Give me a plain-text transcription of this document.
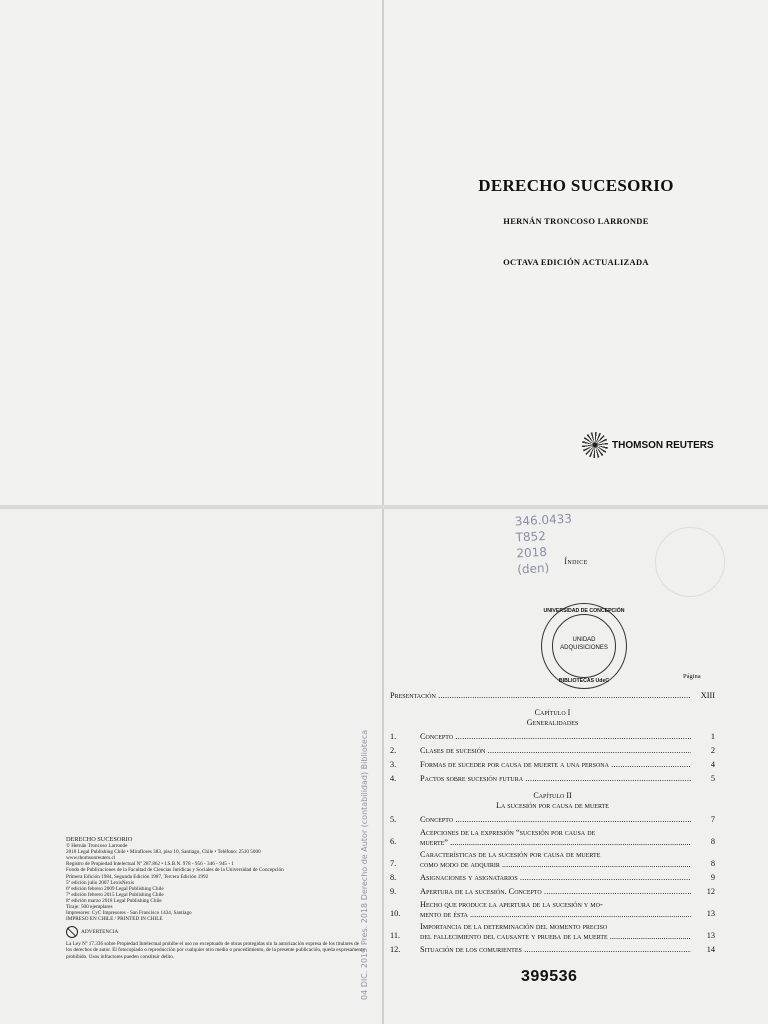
DERECHO SUCESORIO
HERNÁN TRONCOSO LARRONDE
OCTAVA EDICIÓN ACTUALIZADA
THOMSON REUTERS
DERECHO SUCESORIO
© Hernán Troncoso Larronde
2018 Legal Publishing Chile • Miraflores 383, piso 10, Santiago, Chile • Teléfono: 2510 5000
www.thomsonreuters.cl
Registro de Propiedad Intelectual Nº 287.862 • I.S.B.N. 978 - 956 - 346 - 945 - 1
Fondo de Publicaciones de la Facultad de Ciencias Jurídicas y Sociales de la Universidad de Concepción
Primera Edición 1984, Segunda Edición 1987, Tercera Edición 1992
5ª edición julio 2007 LexisNexis
6ª edición febrero 2009 Legal Publishing Chile
7ª edición febrero 2015 Legal Publishing Chile
8ª edición marzo 2018 Legal Publishing Chile
Tiraje: 500 ejemplares
Impresores: CyC Impresores - San Francisco 1434, Santiago
IMPRESO EN CHILE / PRINTED IN CHILE
ADVERTENCIA
La Ley Nº 17.336 sobre Propiedad Intelectual prohíbe el uso no exceptuado de obras protegidas sin la autorización expresa de los titulares de los derechos de autor. El fotocopiado o reproducción por cualquier otro medio o procedimiento, de la presente publicación, queda expresamente prohibido. Usos infractores pueden constituir delito.
346.0433
T852
2018
(den)
UNIVERSIDAD DE CONCEPCIÓN
UNIDAD
ADQUISICIONES
BIBLIOTECAS UdeC
04 DIC. 2019 Pres. 2018 Derecho de Autor (contabilidad) Biblioteca
Índice
Página
Presentación .....	XIII
Capítulo I
Generalidades
1.	Concepto .....	1
2.	Clases de sucesión .....	2
3.	Formas de suceder por causa de muerte a una persona .....	4
4.	Pactos sobre sucesión futura .....	5
Capítulo II
La sucesión por causa de muerte
5.	Concepto .....	7
6.
Acepciones de la expresión “sucesión por causa de
muerte” .....	8
7.
Características de la sucesión por causa de muerte
como modo de adquirir .....	8
8.	Asignaciones y asignatarios .....	9
9.	Apertura de la sucesión. Concepto .....	12
10.
Hecho que produce la apertura de la sucesión y mo-
mento de ésta .....	13
11.
Importancia de la determinación del momento preciso
del fallecimiento del causante y prueba de la muerte .....	13
12.	Situación de los comurientes .....	14
399536
